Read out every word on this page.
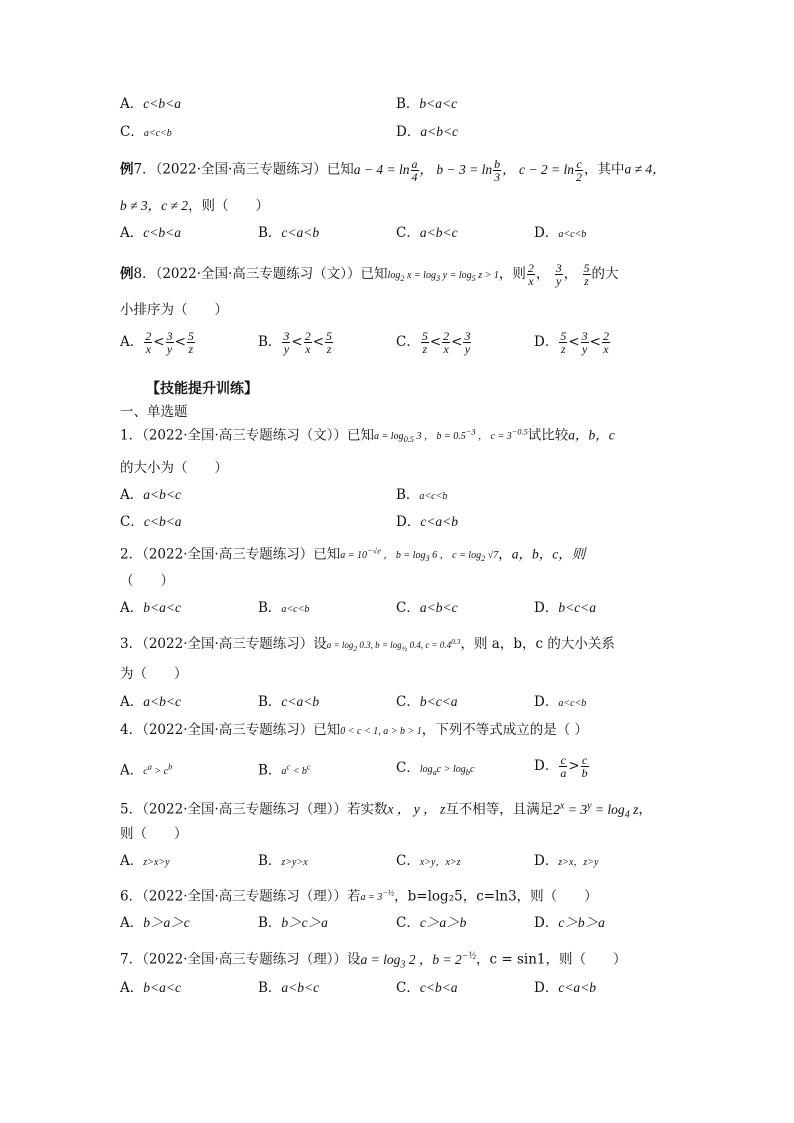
A．c<b<a	B．b<a<c
C．a<c<b	D．a<b<c
例7．（2022·全国·高三专题练习）已知$a - 4 = \ln \frac{a}{4}$ ， $b - 3 = \ln \frac{b}{3}$ ， $c - 2 = \ln \frac{c}{2}$ ，其中a ≠ 4，
b ≠ 3，c ≠ 2，则（　　）
A．c<b<a	B．c<a<b	C．a<b<c	D．a<c<b
例8．（2022·全国·高三专题练习（文））已知$\log_2 x = \log_3 y = \log_5 z > 1$，则 $\frac{2}{x}$ ， $\frac{3}{y}$ ， $\frac{5}{z}$ 的大
小排序为（　　）
A． $\frac{2}{x} < \frac{3}{y} < \frac{5}{z}$	B． $\frac{3}{y} < \frac{2}{x} < \frac{5}{z}$	C． $\frac{5}{z} < \frac{2}{x} < \frac{3}{y}$	D． $\frac{5}{z} < \frac{3}{y} < \frac{2}{x}$
【技能提升训练】
一、单选题
1．（2022·全国·高三专题练习（文））已知$a = \log_{0.5} 3$ ， $b = 0.5^{-3}$ ， $c = 3^{-0.5}$试比较a，b，c
的大小为（　　）
A．a<b<c	B．a<c<b
C．c<b<a	D．c<a<b
2．（2022·全国·高三专题练习）已知$a = 10^{-√e}$ ， $b = \log_3 6$ ， $c = \log_2 √7$，a，b，c，则
（　　）
A．b<a<c	B．a<c<b	C．a<b<c	D．b<c<a
3．（2022·全国·高三专题练习）设$a = \log_2 0.3$, $b = \log_{\frac{1}{2}} 0.4$, $c = 0.4^{0.3}$，则 a，b，c 的大小关系
为（　　）
A．a<b<c	B．c<a<b	C．b<c<a	D．a<c<b
4．（2022·全国·高三专题练习）已知0 < c < 1, a > b > 1，下列不等式成立的是（ ）
A．$c^a > c^b$	B．$a^c < b^c$	C．$\log_ac > \log_bc$	D． $\frac{c}{a} > \frac{c}{b}$
5．（2022·全国·高三专题练习（理））若实数x ， y ， z互不相等，且满足$2^x = 3^y = \log_4 z$，
则（　　）
A．z>x>y	B．z>y>x	C．x>y，x>z	D．z>x，z>y
6．（2022·全国·高三专题练习（理））若$a = 3^{-\frac{1}{2}}$，b=log₂5，c=ln3，则（　　）
A．b＞a＞c	B．b＞c＞a	C．c＞a＞b	D．c＞b＞a
7．（2022·全国·高三专题练习（理））设$a = \log_3 2$ ，$b = 2^{-\frac{1}{2}}$，c = sin1，则（　　）
A．b<a<c	B．a<b<c	C．c<b<a	D．c<a<b
